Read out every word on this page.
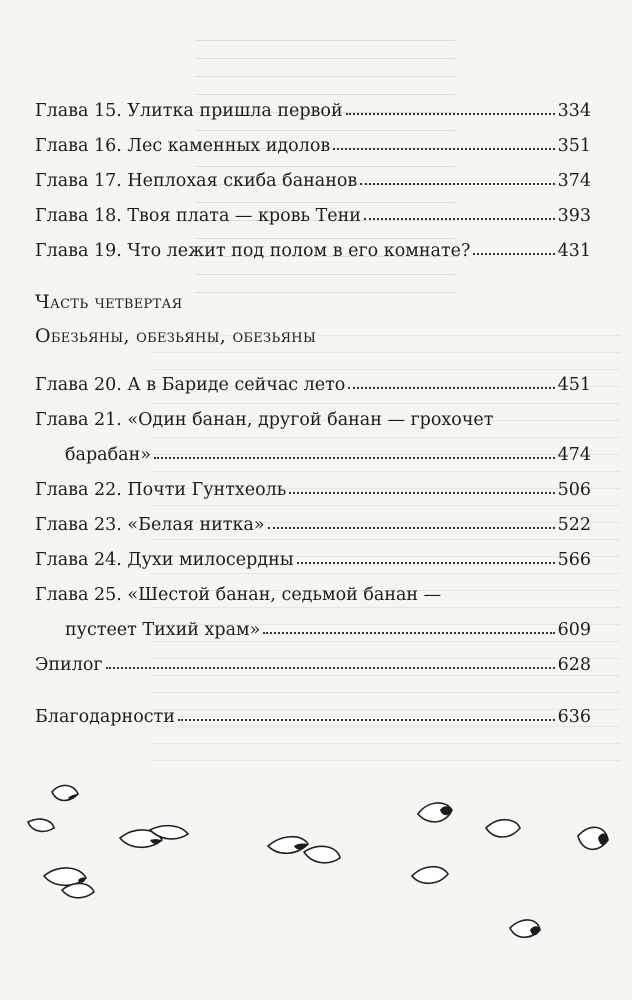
Глава 15. Улитка пришла первой	334
Глава 16. Лес каменных идолов	351
Глава 17. Неплохая скиба бананов	374
Глава 18. Твоя плата — кровь Тени	393
Глава 19. Что лежит под полом в его комнате?	431
Часть четвертая
Обезьяны, обезьяны, обезьяны
Глава 20. А в Бариде сейчас лето	451
Глава 21. «Один банан, другой банан — грохочет
барабан»	474
Глава 22. Почти Гунтхеоль	506
Глава 23. «Белая нитка»	522
Глава 24. Духи милосердны	566
Глава 25. «Шестой банан, седьмой банан —
пустеет Тихий храм»	609
Эпилог	628
Благодарности	636
